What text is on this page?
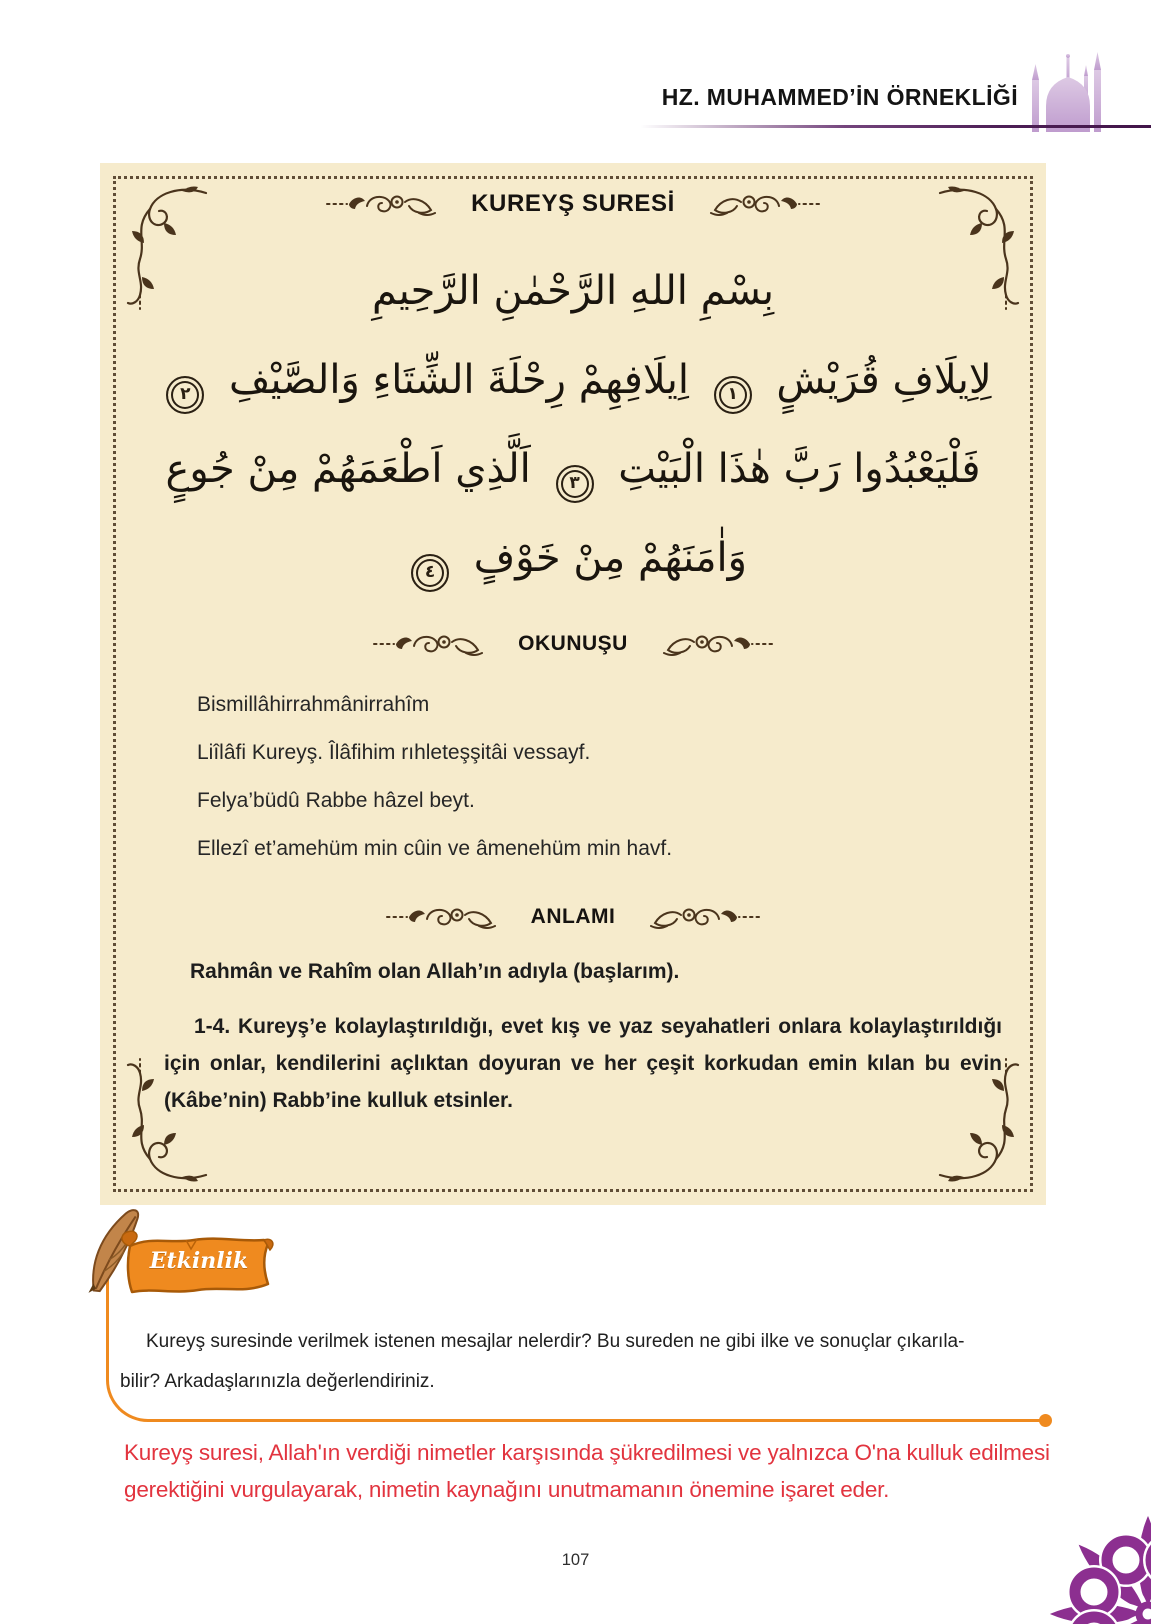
HZ. MUHAMMED’İN ÖRNEKLİĞİ
KUREYŞ SURESİ
بِسْمِ اللهِ الرَّحْمٰنِ الرَّحِيمِ
لِاِيلَافِ قُرَيْشٍ ١ اِيلَافِهِمْ رِحْلَةَ الشِّتَاءِ وَالصَّيْفِ ٢
فَلْيَعْبُدُوا رَبَّ هٰذَا الْبَيْتِ ٣ اَلَّذِي اَطْعَمَهُمْ مِنْ جُوعٍ
وَاٰمَنَهُمْ مِنْ خَوْفٍ ٤
OKUNUŞU

Bismillâhirrahmânirrahîm

Liîlâfi Kureyş. Îlâfihim rıhleteşşitâi vessayf.

Felya’büdû Rabbe hâzel beyt.

Ellezî et’amehüm min cûin ve âmenehüm min havf.

ANLAMI

Rahmân ve Rahîm olan Allah’ın adıyla (başlarım).

1-4. Kureyş’e kolaylaştırıldığı, evet kış ve yaz seyahatleri onlara kolaylaştırıldığı için onlar, kendilerini açlıktan doyuran ve her çeşit korkudan emin kılan bu evin (Kâbe’nin) Rabb’ine kulluk etsinler.

Etkinlik

Kureyş suresinde verilmek istenen mesajlar nelerdir? Bu sureden ne gibi ilke ve sonuçlar çıkarıla-

bilir? Arkadaşlarınızla değerlendiriniz.

Kureyş suresi, Allah'ın verdiği nimetler karşısında şükredilmesi ve yalnızca O'na kulluk edilmesi

gerektiğini vurgulayarak, nimetin kaynağını unutmamanın önemine işaret eder.

107
